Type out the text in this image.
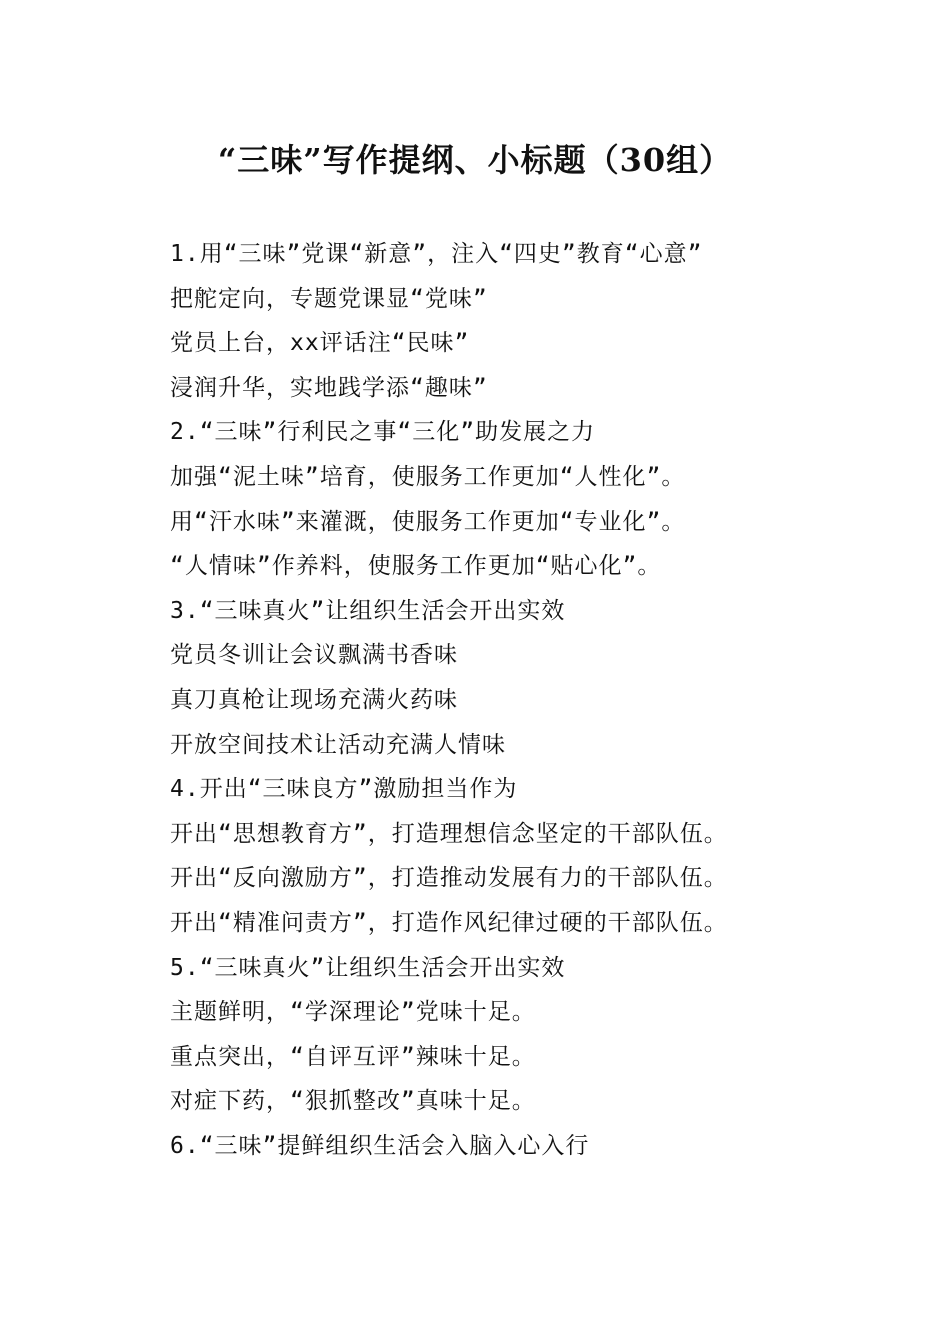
“三味”写作提纲、小标题（30组）
1.用“三味”党课“新意”，注入“四史”教育“心意”
把舵定向，专题党课显“党味”
党员上台，xx评话注“民味”
浸润升华，实地践学添“趣味”
2.“三味”行利民之事“三化”助发展之力
加强“泥土味”培育，使服务工作更加“人性化”。
用“汗水味”来灌溉，使服务工作更加“专业化”。
“人情味”作养料，使服务工作更加“贴心化”。
3.“三味真火”让组织生活会开出实效
党员冬训让会议飘满书香味
真刀真枪让现场充满火药味
开放空间技术让活动充满人情味
4.开出“三味良方”激励担当作为
开出“思想教育方”，打造理想信念坚定的干部队伍。
开出“反向激励方”，打造推动发展有力的干部队伍。
开出“精准问责方”，打造作风纪律过硬的干部队伍。
5.“三味真火”让组织生活会开出实效
主题鲜明，“学深理论”党味十足。
重点突出，“自评互评”辣味十足。
对症下药，“狠抓整改”真味十足。
6.“三味”提鲜组织生活会入脑入心入行
